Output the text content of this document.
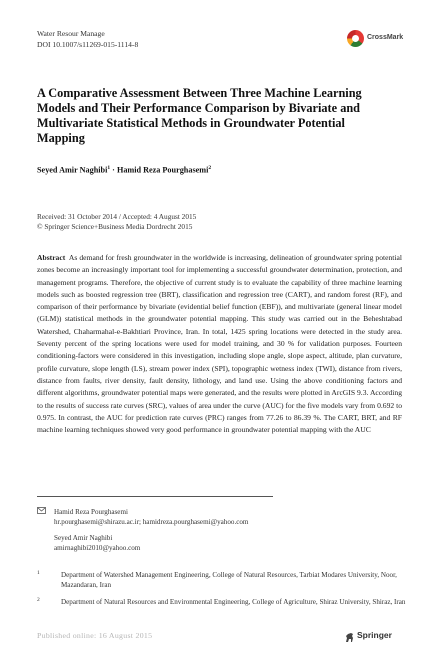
Water Resour Manage
DOI 10.1007/s11269-015-1114-8
CrossMark
A Comparative Assessment Between Three Machine Learning Models and Their Performance Comparison by Bivariate and Multivariate Statistical Methods in Groundwater Potential Mapping
Seyed Amir Naghibi$^1$ · Hamid Reza Pourghasemi$^2$
Received: 31 October 2014 / Accepted: 4 August 2015
© Springer Science+Business Media Dordrecht 2015
Abstract As demand for fresh groundwater in the worldwide is increasing, delineation of groundwater spring potential zones become an increasingly important tool for implementing a successful groundwater determination, protection, and management programs. Therefore, the objective of current study is to evaluate the capability of three machine learning models such as boosted regression tree (BRT), classification and regression tree (CART), and random forest (RF), and comparison of their performance by bivariate (evidential belief function (EBF)), and multivariate (general linear model (GLM)) statistical methods in the groundwater potential mapping. This study was carried out in the Beheshtabad Watershed, Chaharmahal-e-Bakhtiari Province, Iran. In total, 1425 spring locations were detected in the study area. Seventy percent of the spring locations were used for model training, and 30 % for validation purposes. Fourteen conditioning-factors were considered in this investigation, including slope angle, slope aspect, altitude, plan curvature, profile curvature, slope length (LS), stream power index (SPI), topographic wetness index (TWI), distance from rivers, distance from faults, river density, fault density, lithology, and land use. Using the above conditioning factors and different algorithms, groundwater potential maps were generated, and the results were plotted in ArcGIS 9.3. According to the results of success rate curves (SRC), values of area under the curve (AUC) for the five models vary from 0.692 to 0.975. In contrast, the AUC for prediction rate curves (PRC) ranges from 77.26 to 86.39 %. The CART, BRT, and RF machine learning techniques showed very good performance in groundwater potential mapping with the AUC
Hamid Reza Pourghasemi
hr.pourghasemi@shirazu.ac.ir; hamidreza.pourghasemi@yahoo.com
Seyed Amir Naghibi
amirnaghibi2010@yahoo.com
1	Department of Watershed Management Engineering, College of Natural Resources, Tarbiat Modares University, Noor, Mazandaran, Iran
2	Department of Natural Resources and Environmental Engineering, College of Agriculture, Shiraz University, Shiraz, Iran
Published online: 16 August 2015	Springer
